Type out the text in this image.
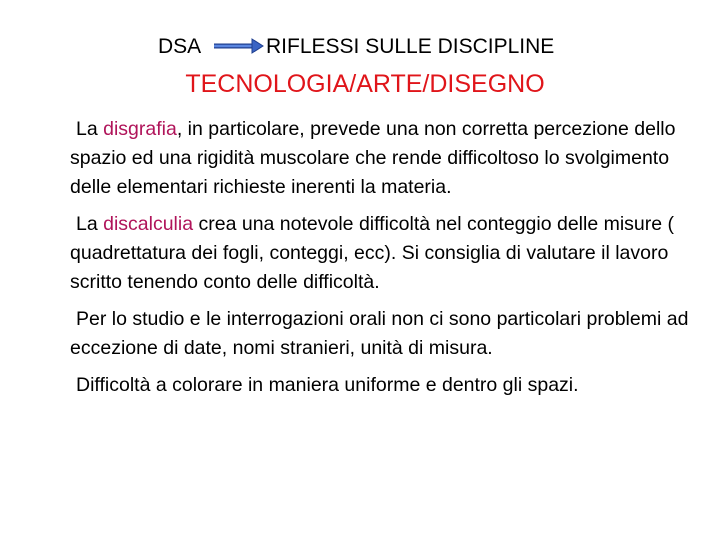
DSA	RIFLESSI SULLE DISCIPLINE
TECNOLOGIA/ARTE/DISEGNO

La disgrafia, in particolare, prevede una non corretta percezione dello spazio ed una rigidità muscolare che rende difficoltoso lo svolgimento delle elementari richieste inerenti la materia.

La discalculia crea una notevole difficoltà nel conteggio delle misure ( quadrettatura dei fogli, conteggi, ecc). Si consiglia di valutare il lavoro scritto tenendo conto delle difficoltà.

Per lo studio e le interrogazioni orali non ci sono particolari problemi ad eccezione di date, nomi stranieri, unità di misura.

Difficoltà a colorare in maniera uniforme e dentro gli spazi.
